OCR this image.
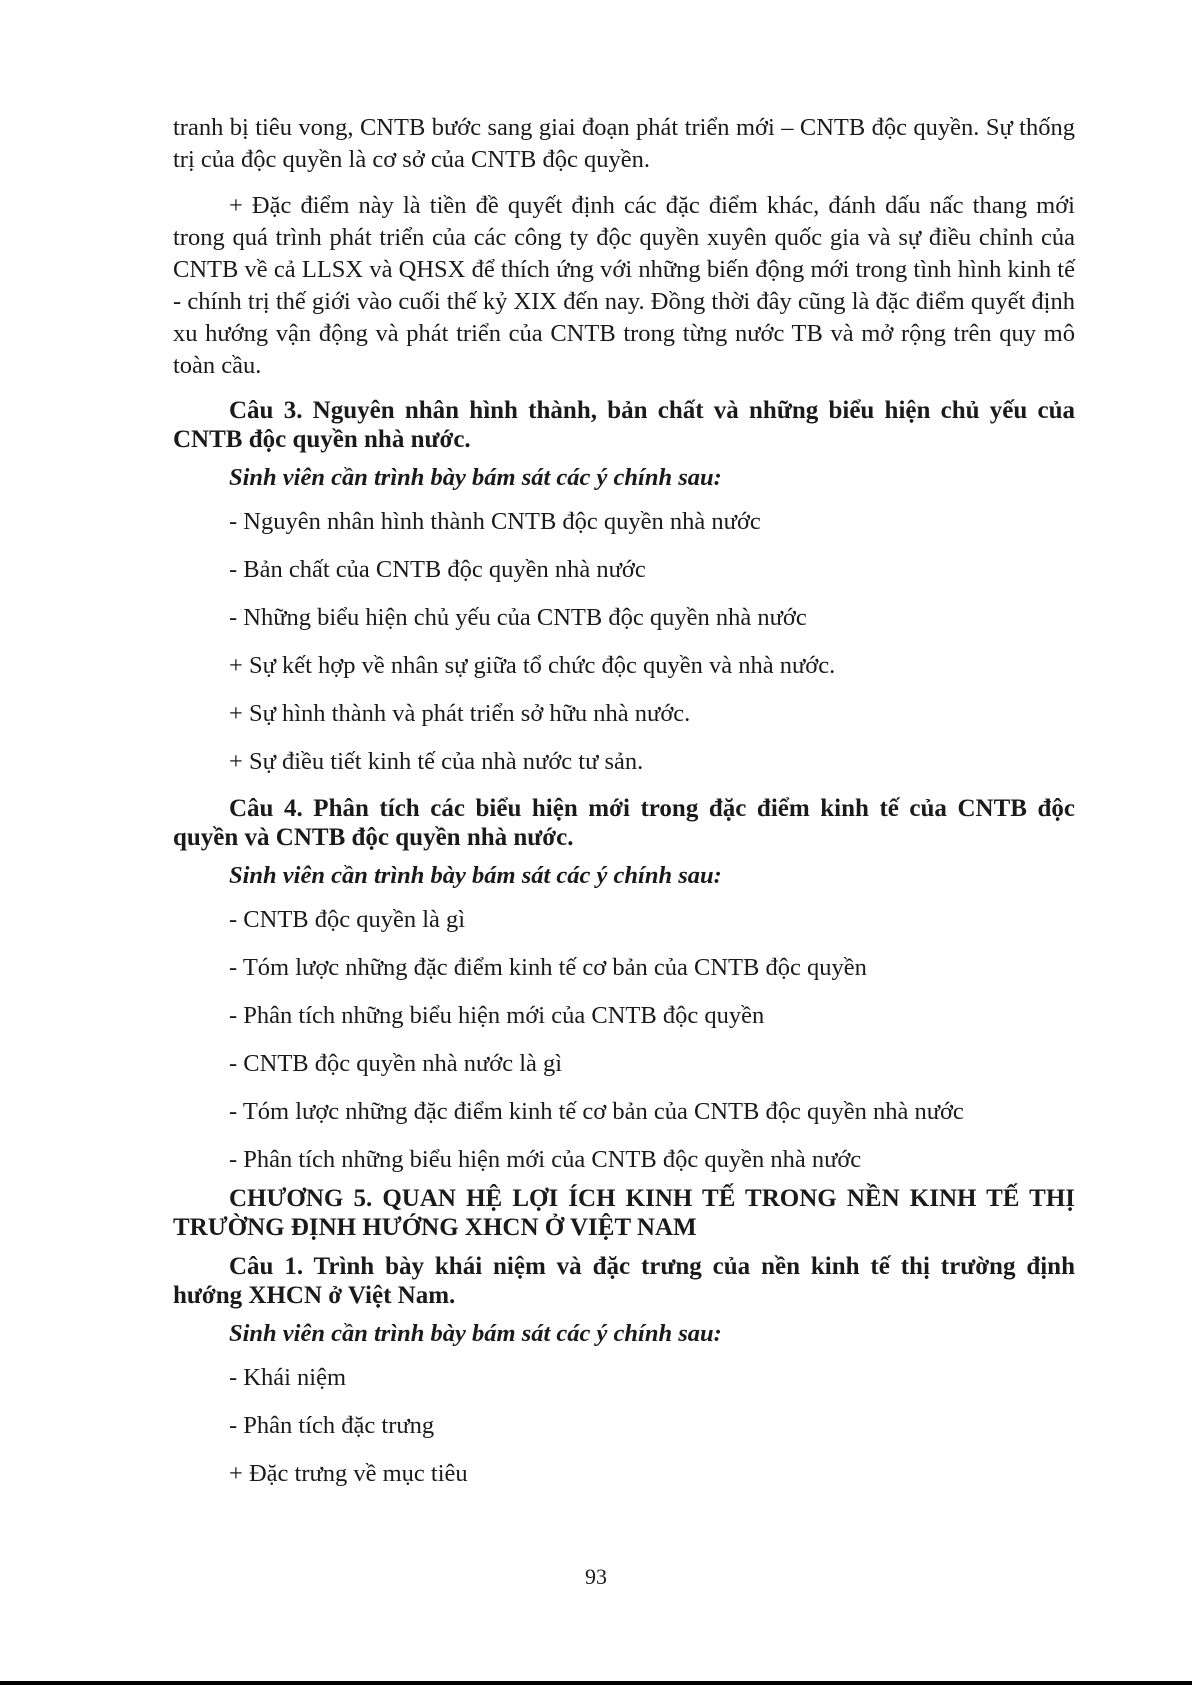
tranh bị tiêu vong, CNTB bước sang giai đoạn phát triển mới – CNTB độc quyền. Sự thống trị của độc quyền là cơ sở của CNTB độc quyền.

+ Đặc điểm này là tiền đề quyết định các đặc điểm khác, đánh dấu nấc thang mới trong quá trình phát triển của các công ty độc quyền xuyên quốc gia và sự điều chỉnh của CNTB về cả LLSX và QHSX để thích ứng với những biến động mới trong tình hình kinh tế - chính trị thế giới vào cuối thế kỷ XIX đến nay. Đồng thời đây cũng là đặc điểm quyết định xu hướng vận động và phát triển của CNTB trong từng nước TB và mở rộng trên quy mô toàn cầu.

Câu 3. Nguyên nhân hình thành, bản chất và những biểu hiện chủ yếu của CNTB độc quyền nhà nước.

Sinh viên cần trình bày bám sát các ý chính sau:

- Nguyên nhân hình thành CNTB độc quyền nhà nước
- Bản chất của CNTB độc quyền nhà nước
- Những biểu hiện chủ yếu của CNTB độc quyền nhà nước
+ Sự kết hợp về nhân sự giữa tổ chức độc quyền và nhà nước.
+ Sự hình thành và phát triển sở hữu nhà nước.
+ Sự điều tiết kinh tế của nhà nước tư sản.

Câu 4. Phân tích các biểu hiện mới trong đặc điểm kinh tế của CNTB độc quyền và CNTB độc quyền nhà nước.

Sinh viên cần trình bày bám sát các ý chính sau:

- CNTB độc quyền là gì
- Tóm lược những đặc điểm kinh tế cơ bản của CNTB độc quyền
- Phân tích những biểu hiện mới của CNTB độc quyền
- CNTB độc quyền nhà nước là gì
- Tóm lược những đặc điểm kinh tế cơ bản của CNTB độc quyền nhà nước
- Phân tích những biểu hiện mới của CNTB độc quyền nhà nước

CHƯƠNG 5. QUAN HỆ LỢI ÍCH KINH TẾ TRONG NỀN KINH TẾ THỊ TRƯỜNG ĐỊNH HƯỚNG XHCN Ở VIỆT NAM

Câu 1. Trình bày khái niệm và đặc trưng của nền kinh tế thị trường định hướng XHCN ở Việt Nam.

Sinh viên cần trình bày bám sát các ý chính sau:

- Khái niệm
- Phân tích đặc trưng
+ Đặc trưng về mục tiêu
93
